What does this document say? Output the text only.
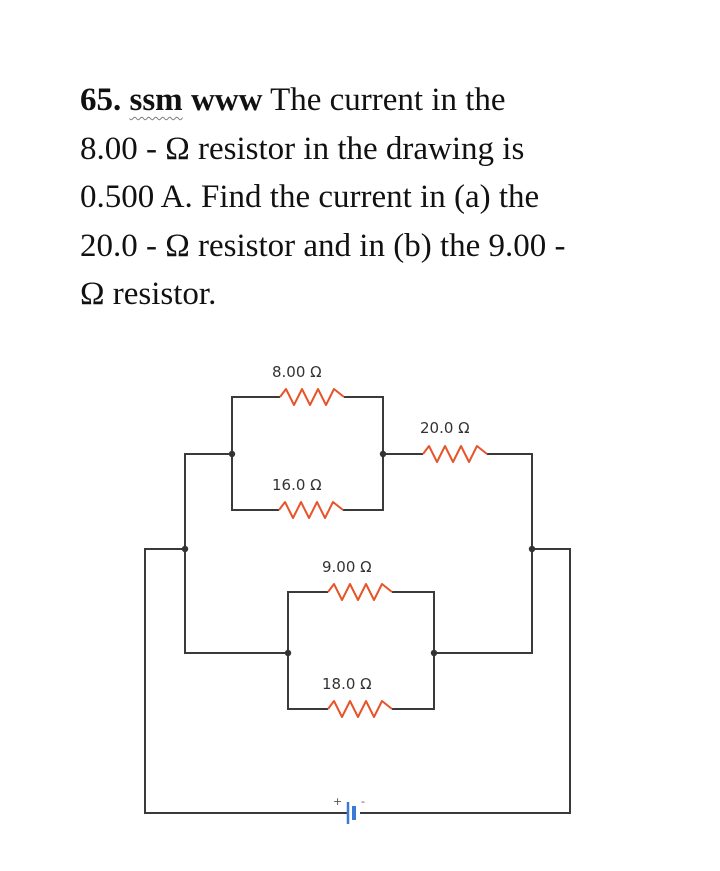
65. ssm www The current in the
8.00 - Ω resistor in the drawing is
0.500 A. Find the current in (a) the
20.0 - Ω resistor and in (b) the 9.00 -
Ω resistor.
8.00 Ω
16.0 Ω
20.0 Ω
9.00 Ω
18.0 Ω
+ -
